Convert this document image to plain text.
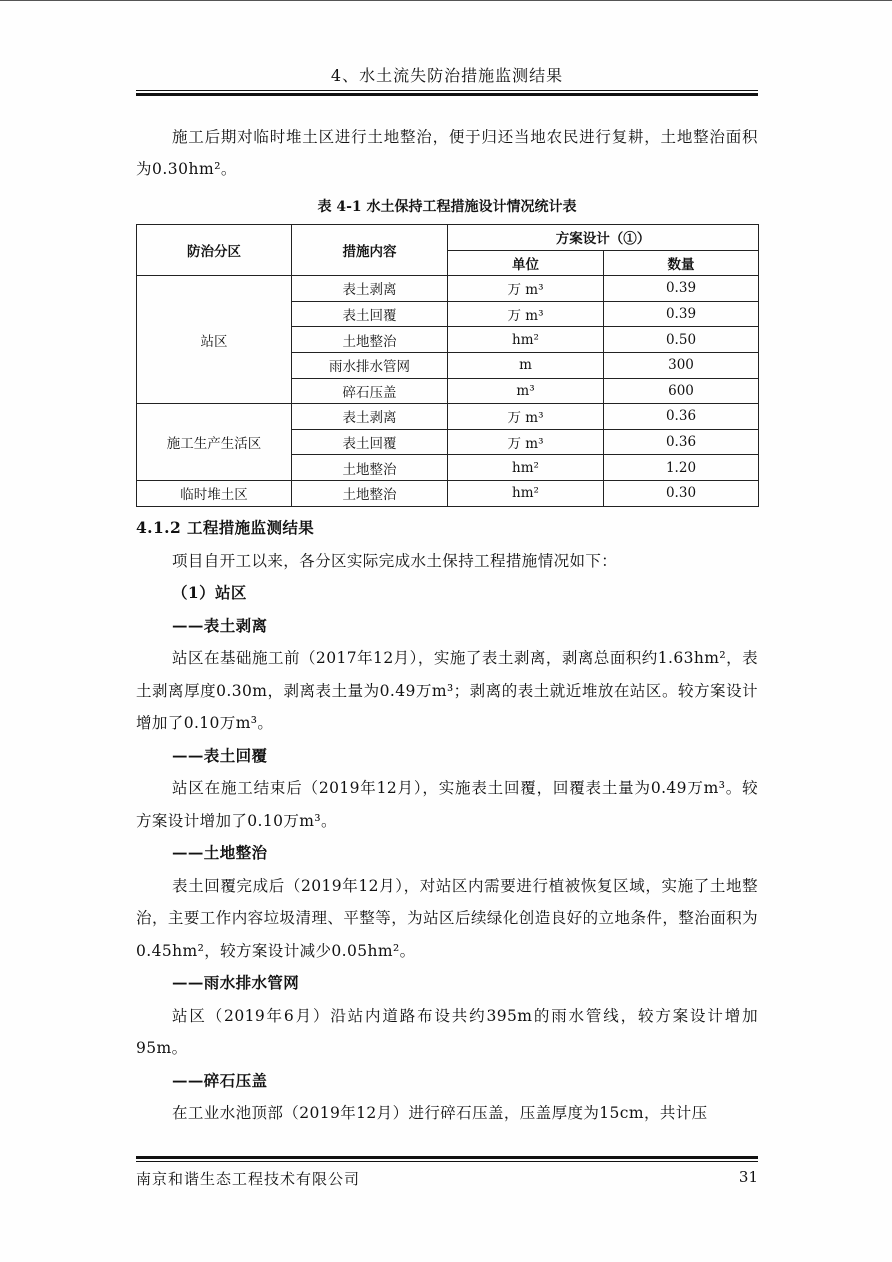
4、水土流失防治措施监测结果

施工后期对临时堆土区进行土地整治，便于归还当地农民进行复耕，土地整治面积为0.30hm²。

表 4-1 水土保持工程措施设计情况统计表
防治分区	措施内容	方案设计（①）	
		单位	数量
站区	表土剥离	万 m³	0.39
	表土回覆	万 m³	0.39
	土地整治	hm²	0.50
	雨水排水管网	m	300
	碎石压盖	m³	600
施工生产生活区	表土剥离	万 m³	0.36
	表土回覆	万 m³	0.36
	土地整治	hm²	1.20
临时堆土区	土地整治	hm²	0.30

4.1.2 工程措施监测结果

项目自开工以来，各分区实际完成水土保持工程措施情况如下：

（1）站区

——表土剥离

站区在基础施工前（2017年12月），实施了表土剥离，剥离总面积约1.63hm²，表土剥离厚度0.30m，剥离表土量为0.49万m³；剥离的表土就近堆放在站区。较方案设计增加了0.10万m³。

——表土回覆

站区在施工结束后（2019年12月），实施表土回覆，回覆表土量为0.49万m³。较方案设计增加了0.10万m³。

——土地整治

表土回覆完成后（2019年12月），对站区内需要进行植被恢复区域，实施了土地整治，主要工作内容垃圾清理、平整等，为站区后续绿化创造良好的立地条件，整治面积为0.45hm²，较方案设计减少0.05hm²。

——雨水排水管网

站区（2019年6月）沿站内道路布设共约395m的雨水管线，较方案设计增加95m。

——碎石压盖

在工业水池顶部（2019年12月）进行碎石压盖，压盖厚度为15cm，共计压

南京和谐生态工程技术有限公司	31
